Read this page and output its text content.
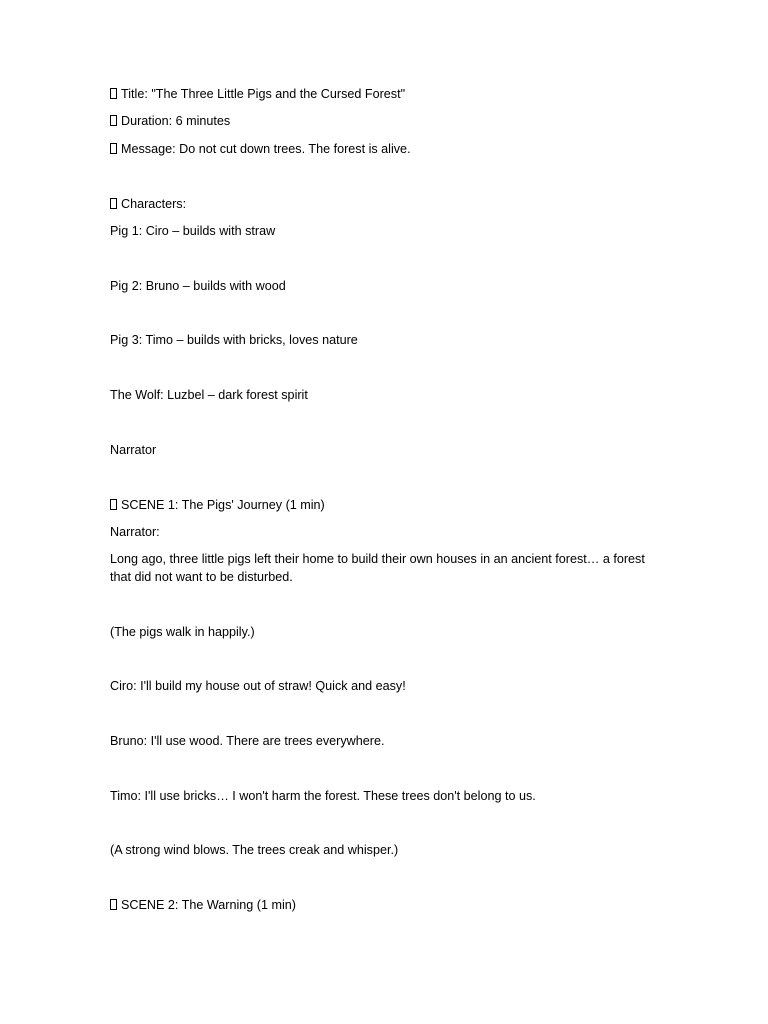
Title: "The Three Little Pigs and the Cursed Forest"

Duration: 6 minutes

Message: Do not cut down trees. The forest is alive.

Characters:

Pig 1: Ciro – builds with straw

Pig 2: Bruno – builds with wood

Pig 3: Timo – builds with bricks, loves nature

The Wolf: Luzbel – dark forest spirit

Narrator

SCENE 1: The Pigs' Journey (1 min)

Narrator:

Long ago, three little pigs left their home to build their own houses in an ancient forest… a forest that did not want to be disturbed.

(The pigs walk in happily.)

Ciro: I'll build my house out of straw! Quick and easy!

Bruno: I'll use wood. There are trees everywhere.

Timo: I'll use bricks… I won't harm the forest. These trees don't belong to us.

(A strong wind blows. The trees creak and whisper.)

SCENE 2: The Warning (1 min)
